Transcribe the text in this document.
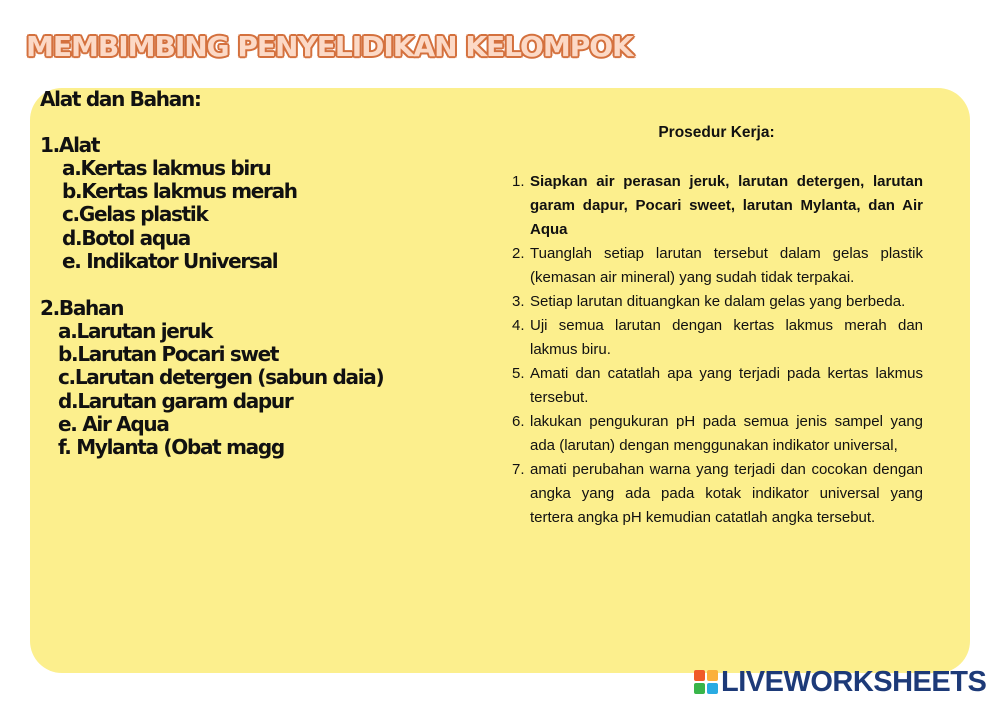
MEMBIMBING PENYELIDIKAN KELOMPOK
Alat dan Bahan:
1.Alat
a.Kertas lakmus biru
b.Kertas lakmus merah
c.Gelas plastik
d.Botol aqua
e. Indikator Universal
2.Bahan
a.Larutan jeruk
b.Larutan Pocari swet
c.Larutan detergen (sabun daia)
d.Larutan garam dapur
e. Air Aqua
f. Mylanta (Obat magg
Prosedur Kerja:
1. Siapkan air perasan jeruk, larutan detergen, larutan garam dapur, Pocari sweet, larutan Mylanta, dan Air Aqua
2. Tuanglah setiap larutan tersebut dalam gelas plastik (kemasan air mineral) yang sudah tidak terpakai.
3. Setiap larutan dituangkan ke dalam gelas yang berbeda.
4. Uji semua larutan dengan kertas lakmus merah dan lakmus biru.
5. Amati dan catatlah apa yang terjadi pada kertas lakmus tersebut.
6. lakukan pengukuran pH pada semua jenis sampel yang ada (larutan) dengan menggunakan indikator universal,
7. amati perubahan warna yang terjadi dan cocokan dengan angka yang ada pada kotak indikator universal yang tertera angka pH kemudian catatlah angka tersebut.
LIVEWORKSHEETS
